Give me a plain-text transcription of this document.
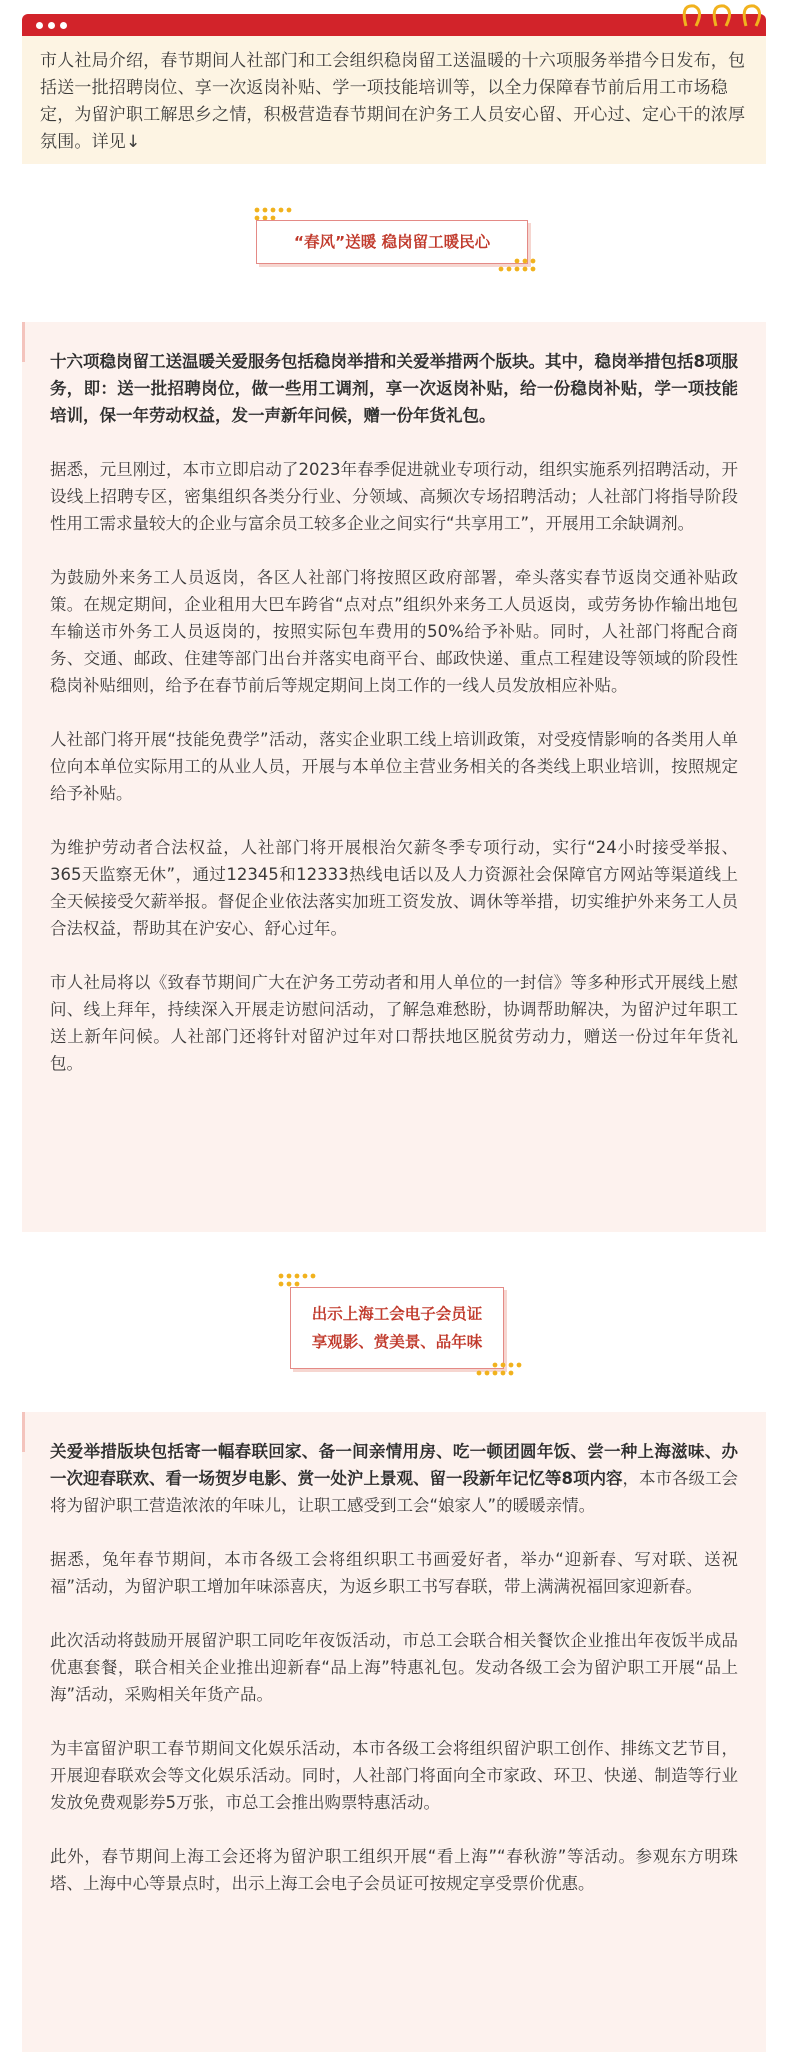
市人社局介绍，春节期间人社部门和工会组织稳岗留工送温暖的十六项服务举措今日发布，包括送一批招聘岗位、享一次返岗补贴、学一项技能培训等，以全力保障春节前后用工市场稳定，为留沪职工解思乡之情，积极营造春节期间在沪务工人员安心留、开心过、定心干的浓厚氛围。详见↓
“春风”送暖 稳岗留工暖民心

十六项稳岗留工送温暖关爱服务包括稳岗举措和关爱举措两个版块。其中，稳岗举措包括8项服务，即：送一批招聘岗位，做一些用工调剂，享一次返岗补贴，给一份稳岗补贴，学一项技能培训，保一年劳动权益，发一声新年问候，赠一份年货礼包。

据悉，元旦刚过，本市立即启动了2023年春季促进就业专项行动，组织实施系列招聘活动，开设线上招聘专区，密集组织各类分行业、分领域、高频次专场招聘活动；人社部门将指导阶段性用工需求量较大的企业与富余员工较多企业之间实行“共享用工”，开展用工余缺调剂。

为鼓励外来务工人员返岗，各区人社部门将按照区政府部署，牵头落实春节返岗交通补贴政策。在规定期间，企业租用大巴车跨省“点对点”组织外来务工人员返岗，或劳务协作输出地包车输送市外务工人员返岗的，按照实际包车费用的50%给予补贴。同时，人社部门将配合商务、交通、邮政、住建等部门出台并落实电商平台、邮政快递、重点工程建设等领域的阶段性稳岗补贴细则，给予在春节前后等规定期间上岗工作的一线人员发放相应补贴。

人社部门将开展“技能免费学”活动，落实企业职工线上培训政策，对受疫情影响的各类用人单位向本单位实际用工的从业人员，开展与本单位主营业务相关的各类线上职业培训，按照规定给予补贴。

为维护劳动者合法权益，人社部门将开展根治欠薪冬季专项行动，实行“24小时接受举报、365天监察无休”，通过12345和12333热线电话以及人力资源社会保障官方网站等渠道线上全天候接受欠薪举报。督促企业依法落实加班工资发放、调休等举措，切实维护外来务工人员合法权益，帮助其在沪安心、舒心过年。

市人社局将以《致春节期间广大在沪务工劳动者和用人单位的一封信》等多种形式开展线上慰问、线上拜年，持续深入开展走访慰问活动，了解急难愁盼，协调帮助解决，为留沪过年职工送上新年问候。人社部门还将针对留沪过年对口帮扶地区脱贫劳动力，赠送一份过年年货礼包。

出示上海工会电子会员证
享观影、赏美景、品年味

关爱举措版块包括寄一幅春联回家、备一间亲情用房、吃一顿团圆年饭、尝一种上海滋味、办一次迎春联欢、看一场贺岁电影、赏一处沪上景观、留一段新年记忆等8项内容，本市各级工会将为留沪职工营造浓浓的年味儿，让职工感受到工会“娘家人”的暖暖亲情。

据悉，兔年春节期间，本市各级工会将组织职工书画爱好者，举办“迎新春、写对联、送祝福”活动，为留沪职工增加年味添喜庆，为返乡职工书写春联，带上满满祝福回家迎新春。

此次活动将鼓励开展留沪职工同吃年夜饭活动，市总工会联合相关餐饮企业推出年夜饭半成品优惠套餐，联合相关企业推出迎新春“品上海”特惠礼包。发动各级工会为留沪职工开展“品上海”活动，采购相关年货产品。

为丰富留沪职工春节期间文化娱乐活动，本市各级工会将组织留沪职工创作、排练文艺节目，开展迎春联欢会等文化娱乐活动。同时，人社部门将面向全市家政、环卫、快递、制造等行业发放免费观影券5万张，市总工会推出购票特惠活动。

此外，春节期间上海工会还将为留沪职工组织开展“看上海”“春秋游”等活动。参观东方明珠塔、上海中心等景点时，出示上海工会电子会员证可按规定享受票价优惠。
